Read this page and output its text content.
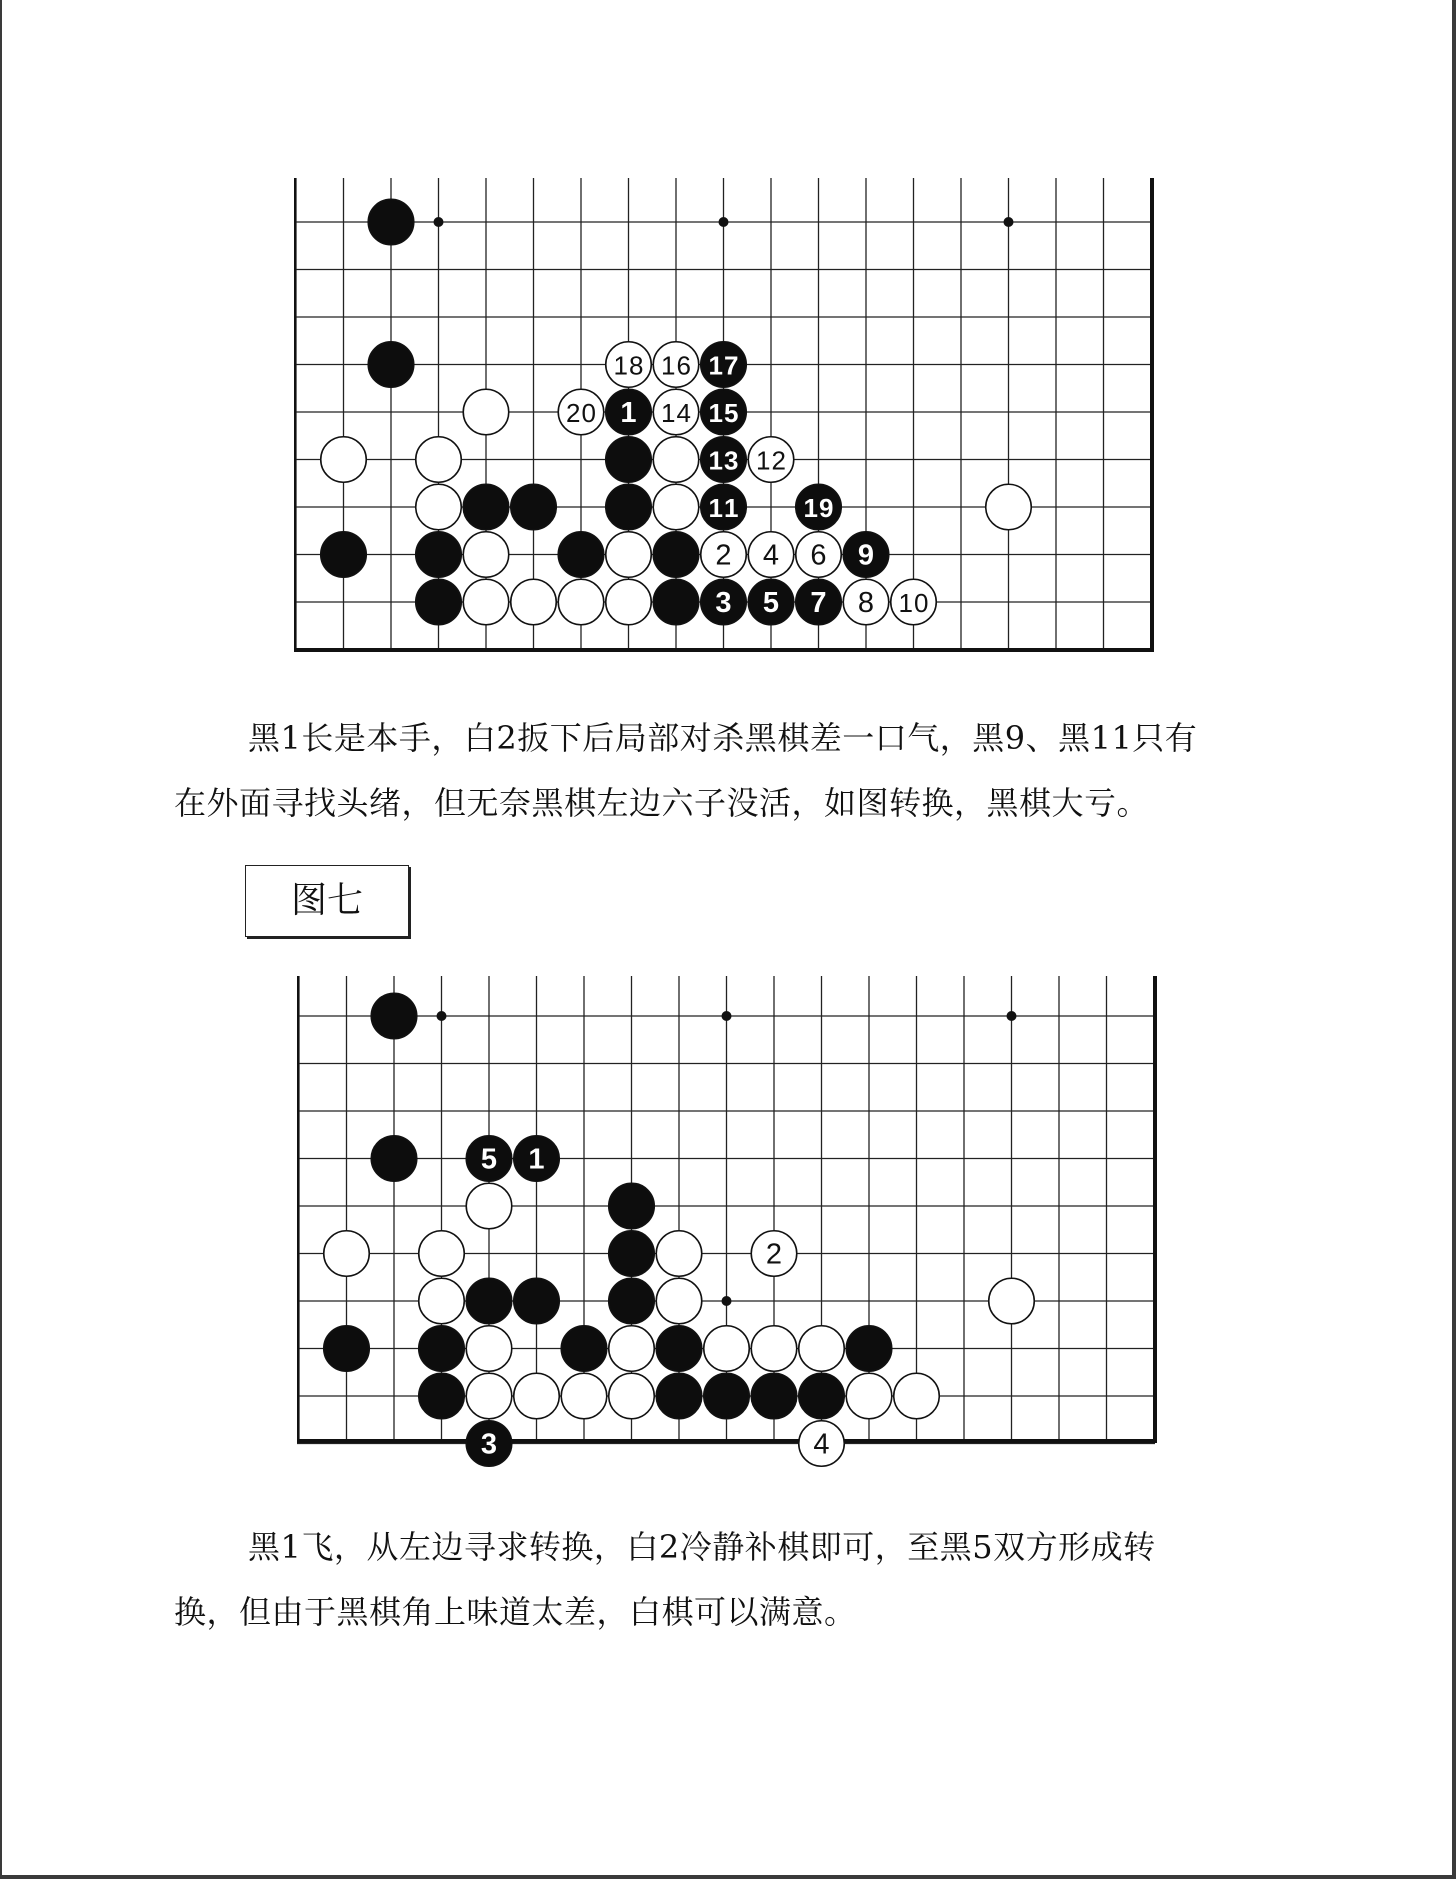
1
2
3
4
5
6
7 8
9
10
11
12
13
14 15
16 17
18
19
20

黑1长是本手，白2扳下后局部对杀黑棋差一口气，黑9、黑11只有
在外面寻找头绪，但无奈黑棋左边六子没活，如图转换，黑棋大亏。

图七
1
2
3	4
5

黑1飞，从左边寻求转换，白2冷静补棋即可，至黑5双方形成转
换，但由于黑棋角上味道太差，白棋可以满意。
